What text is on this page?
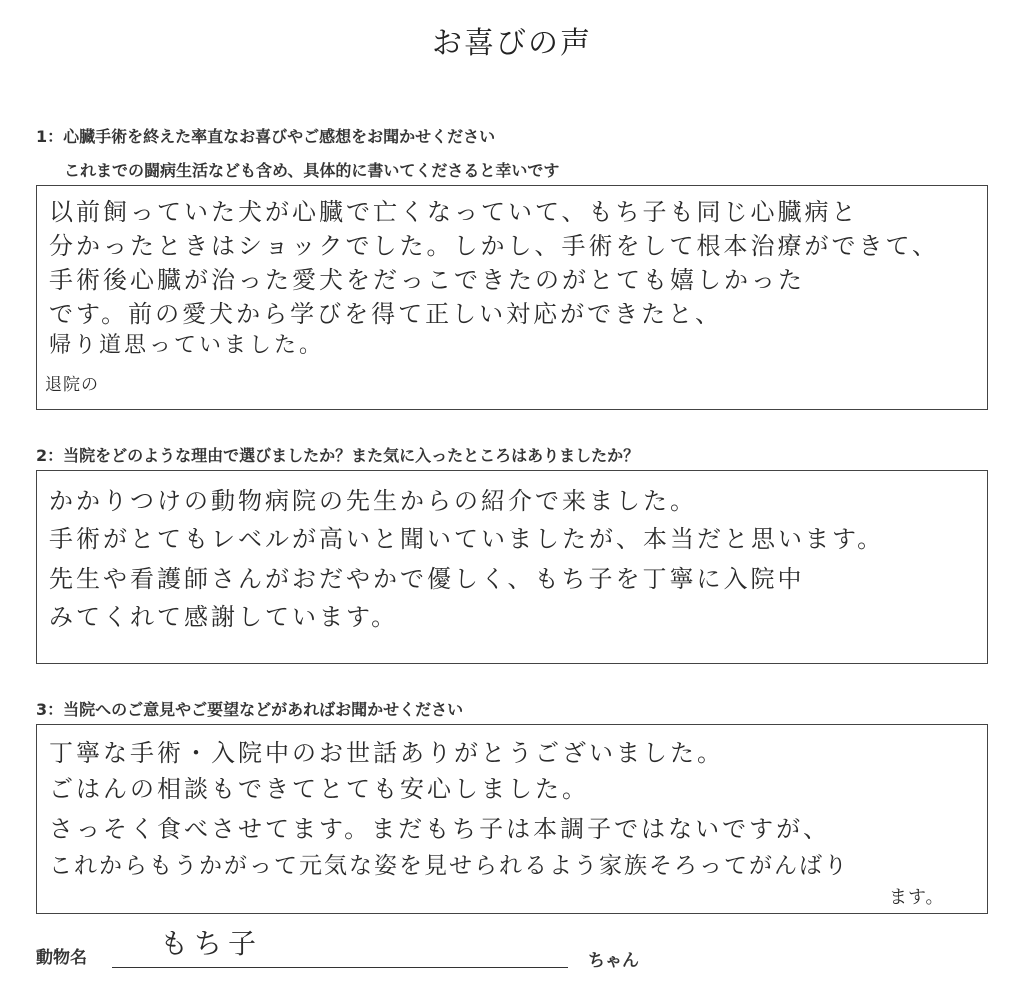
お喜びの声
1：心臓手術を終えた率直なお喜びやご感想をお聞かせください
これまでの闘病生活なども含め、具体的に書いてくださると幸いです
以前飼っていた犬が心臓で亡くなっていて、もち子も同じ心臓病と
分かったときはショックでした。しかし、手術をして根本治療ができて、
手術後心臓が治った愛犬をだっこできたのがとても嬉しかった
です。前の愛犬から学びを得て正しい対応ができたと、
帰り道思っていました。
退院の
2：当院をどのような理由で選びましたか？また気に入ったところはありましたか？
かかりつけの動物病院の先生からの紹介で来ました。
手術がとてもレベルが高いと聞いていましたが、本当だと思います。
先生や看護師さんがおだやかで優しく、もち子を丁寧に入院中
みてくれて感謝しています。
3：当院へのご意見やご要望などがあればお聞かせください
丁寧な手術・入院中のお世話ありがとうございました。
ごはんの相談もできてとても安心しました。
さっそく食べさせてます。まだもち子は本調子ではないですが、
これからもうかがって元気な姿を見せられるよう家族そろってがんばり
ます。
動物名	もち子
ちゃん
